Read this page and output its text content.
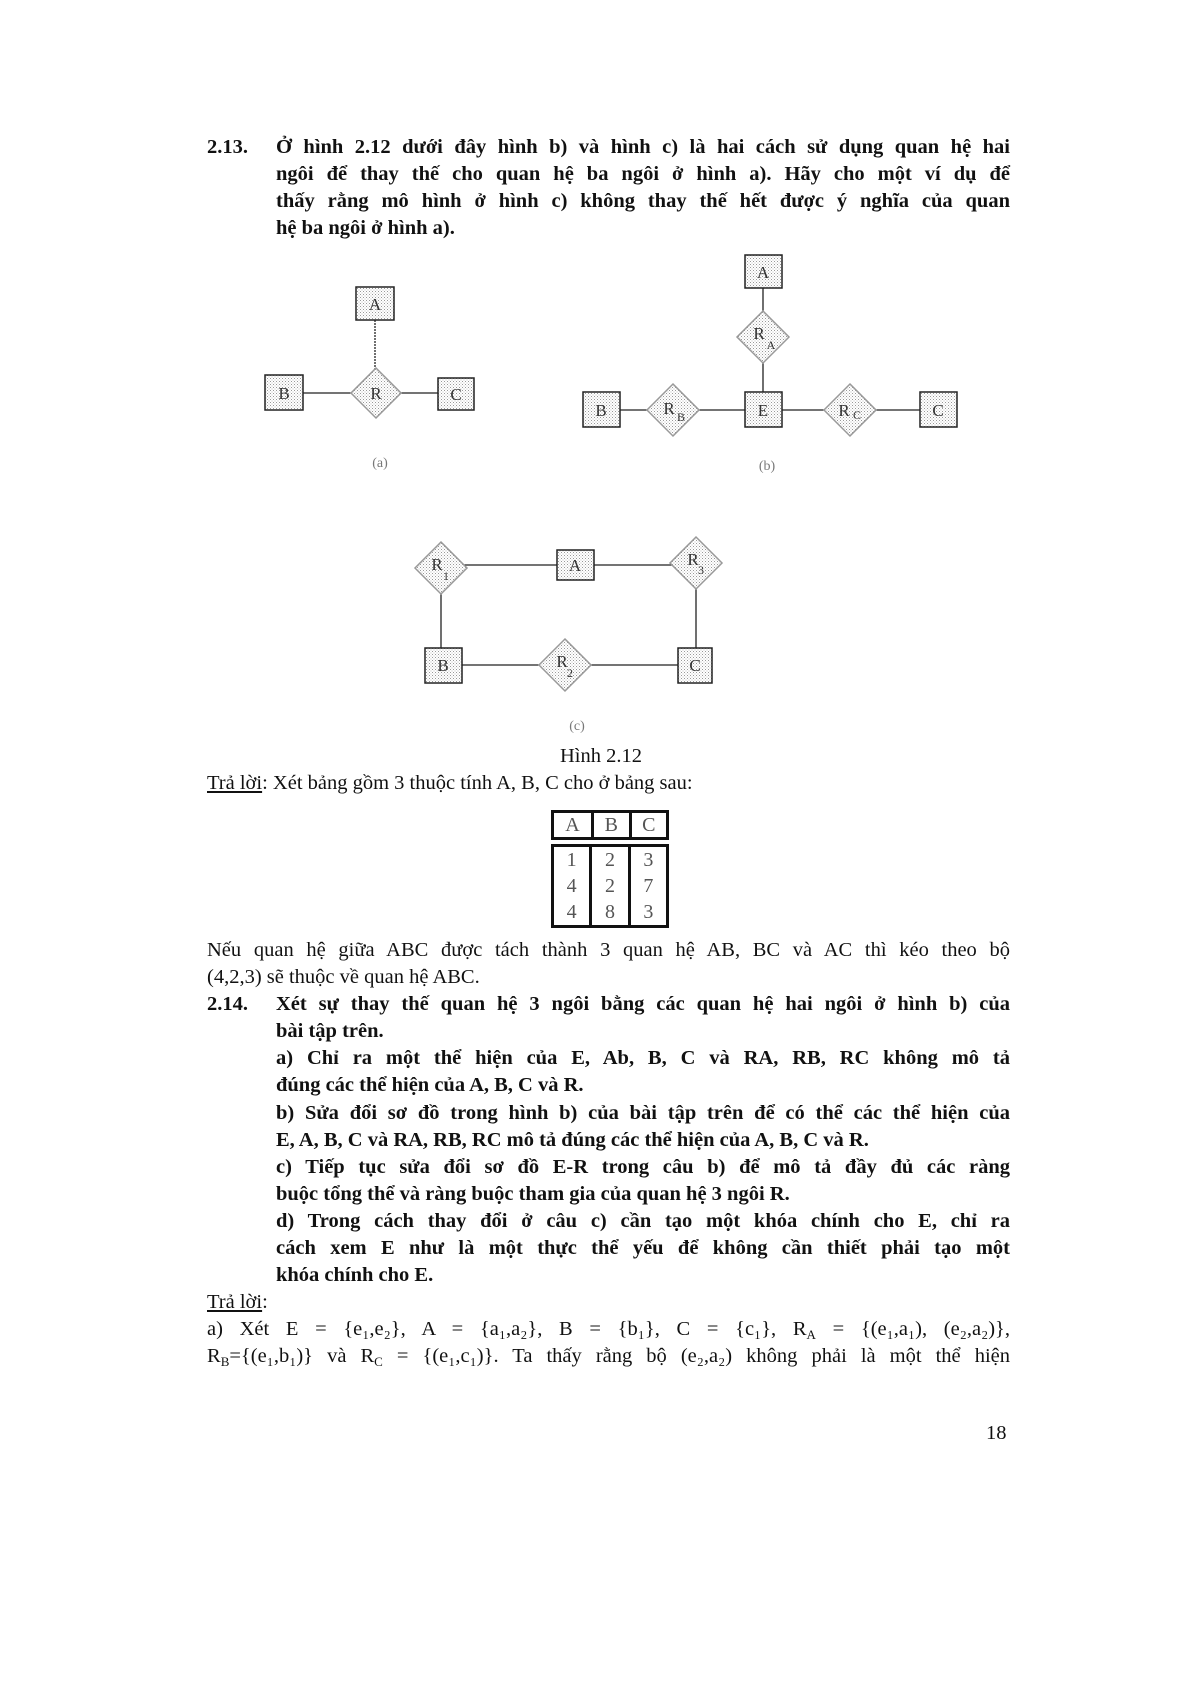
2.13. Ở hình 2.12 dưới đây hình b) và hình c) là hai cách sử dụng quan hệ hai
ngôi để thay thế cho quan hệ ba ngôi ở hình a). Hãy cho một ví dụ để
thấy rằng mô hình ở hình c) không thay thế hết được ý nghĩa của quan
hệ ba ngôi ở hình a).
A
B	C
R
(a)
A
B	E	C
R
A
R B	R C
(b)
A
B	C
R
1
R
2
R
3
(c)
Hình 2.12
Trả lời: Xét bảng gồm 3 thuộc tính A, B, C cho ở bảng sau:
A	B	C
1	2	3
4	2	7
4	8	3
Nếu quan hệ giữa ABC được tách thành 3 quan hệ AB, BC và AC thì kéo theo bộ
(4,2,3) sẽ thuộc về quan hệ ABC.
2.14. Xét sự thay thế quan hệ 3 ngôi bằng các quan hệ hai ngôi ở hình b) của
bài tập trên.
a) Chỉ ra một thể hiện của E, Ab, B, C và RA, RB, RC không mô tả
đúng các thể hiện của A, B, C và R.
b) Sửa đổi sơ đồ trong hình b) của bài tập trên để có thể các thể hiện của
E, A, B, C và RA, RB, RC mô tả đúng các thể hiện của A, B, C và R.
c) Tiếp tục sửa đổi sơ đồ E-R trong câu b) để mô tả đầy đủ các ràng
buộc tổng thể và ràng buộc tham gia của quan hệ 3 ngôi R.
d) Trong cách thay đổi ở câu c) cần tạo một khóa chính cho E, chỉ ra
cách xem E như là một thực thể yếu để không cần thiết phải tạo một
khóa chính cho E.
Trả lời:
a) Xét E = {e₁,e₂}, A = {a₁,a₂}, B = {b₁}, C = {c₁}, $R_A = \{(e_1,a_1)$, (e₂,a₂)},
$R_B=\{(e_1,b_1)\}$ và $R_C = \{(e_1,c_1)\}$. Ta thấy rằng bộ (e₂,a₂) không phải là một thể hiện
18
